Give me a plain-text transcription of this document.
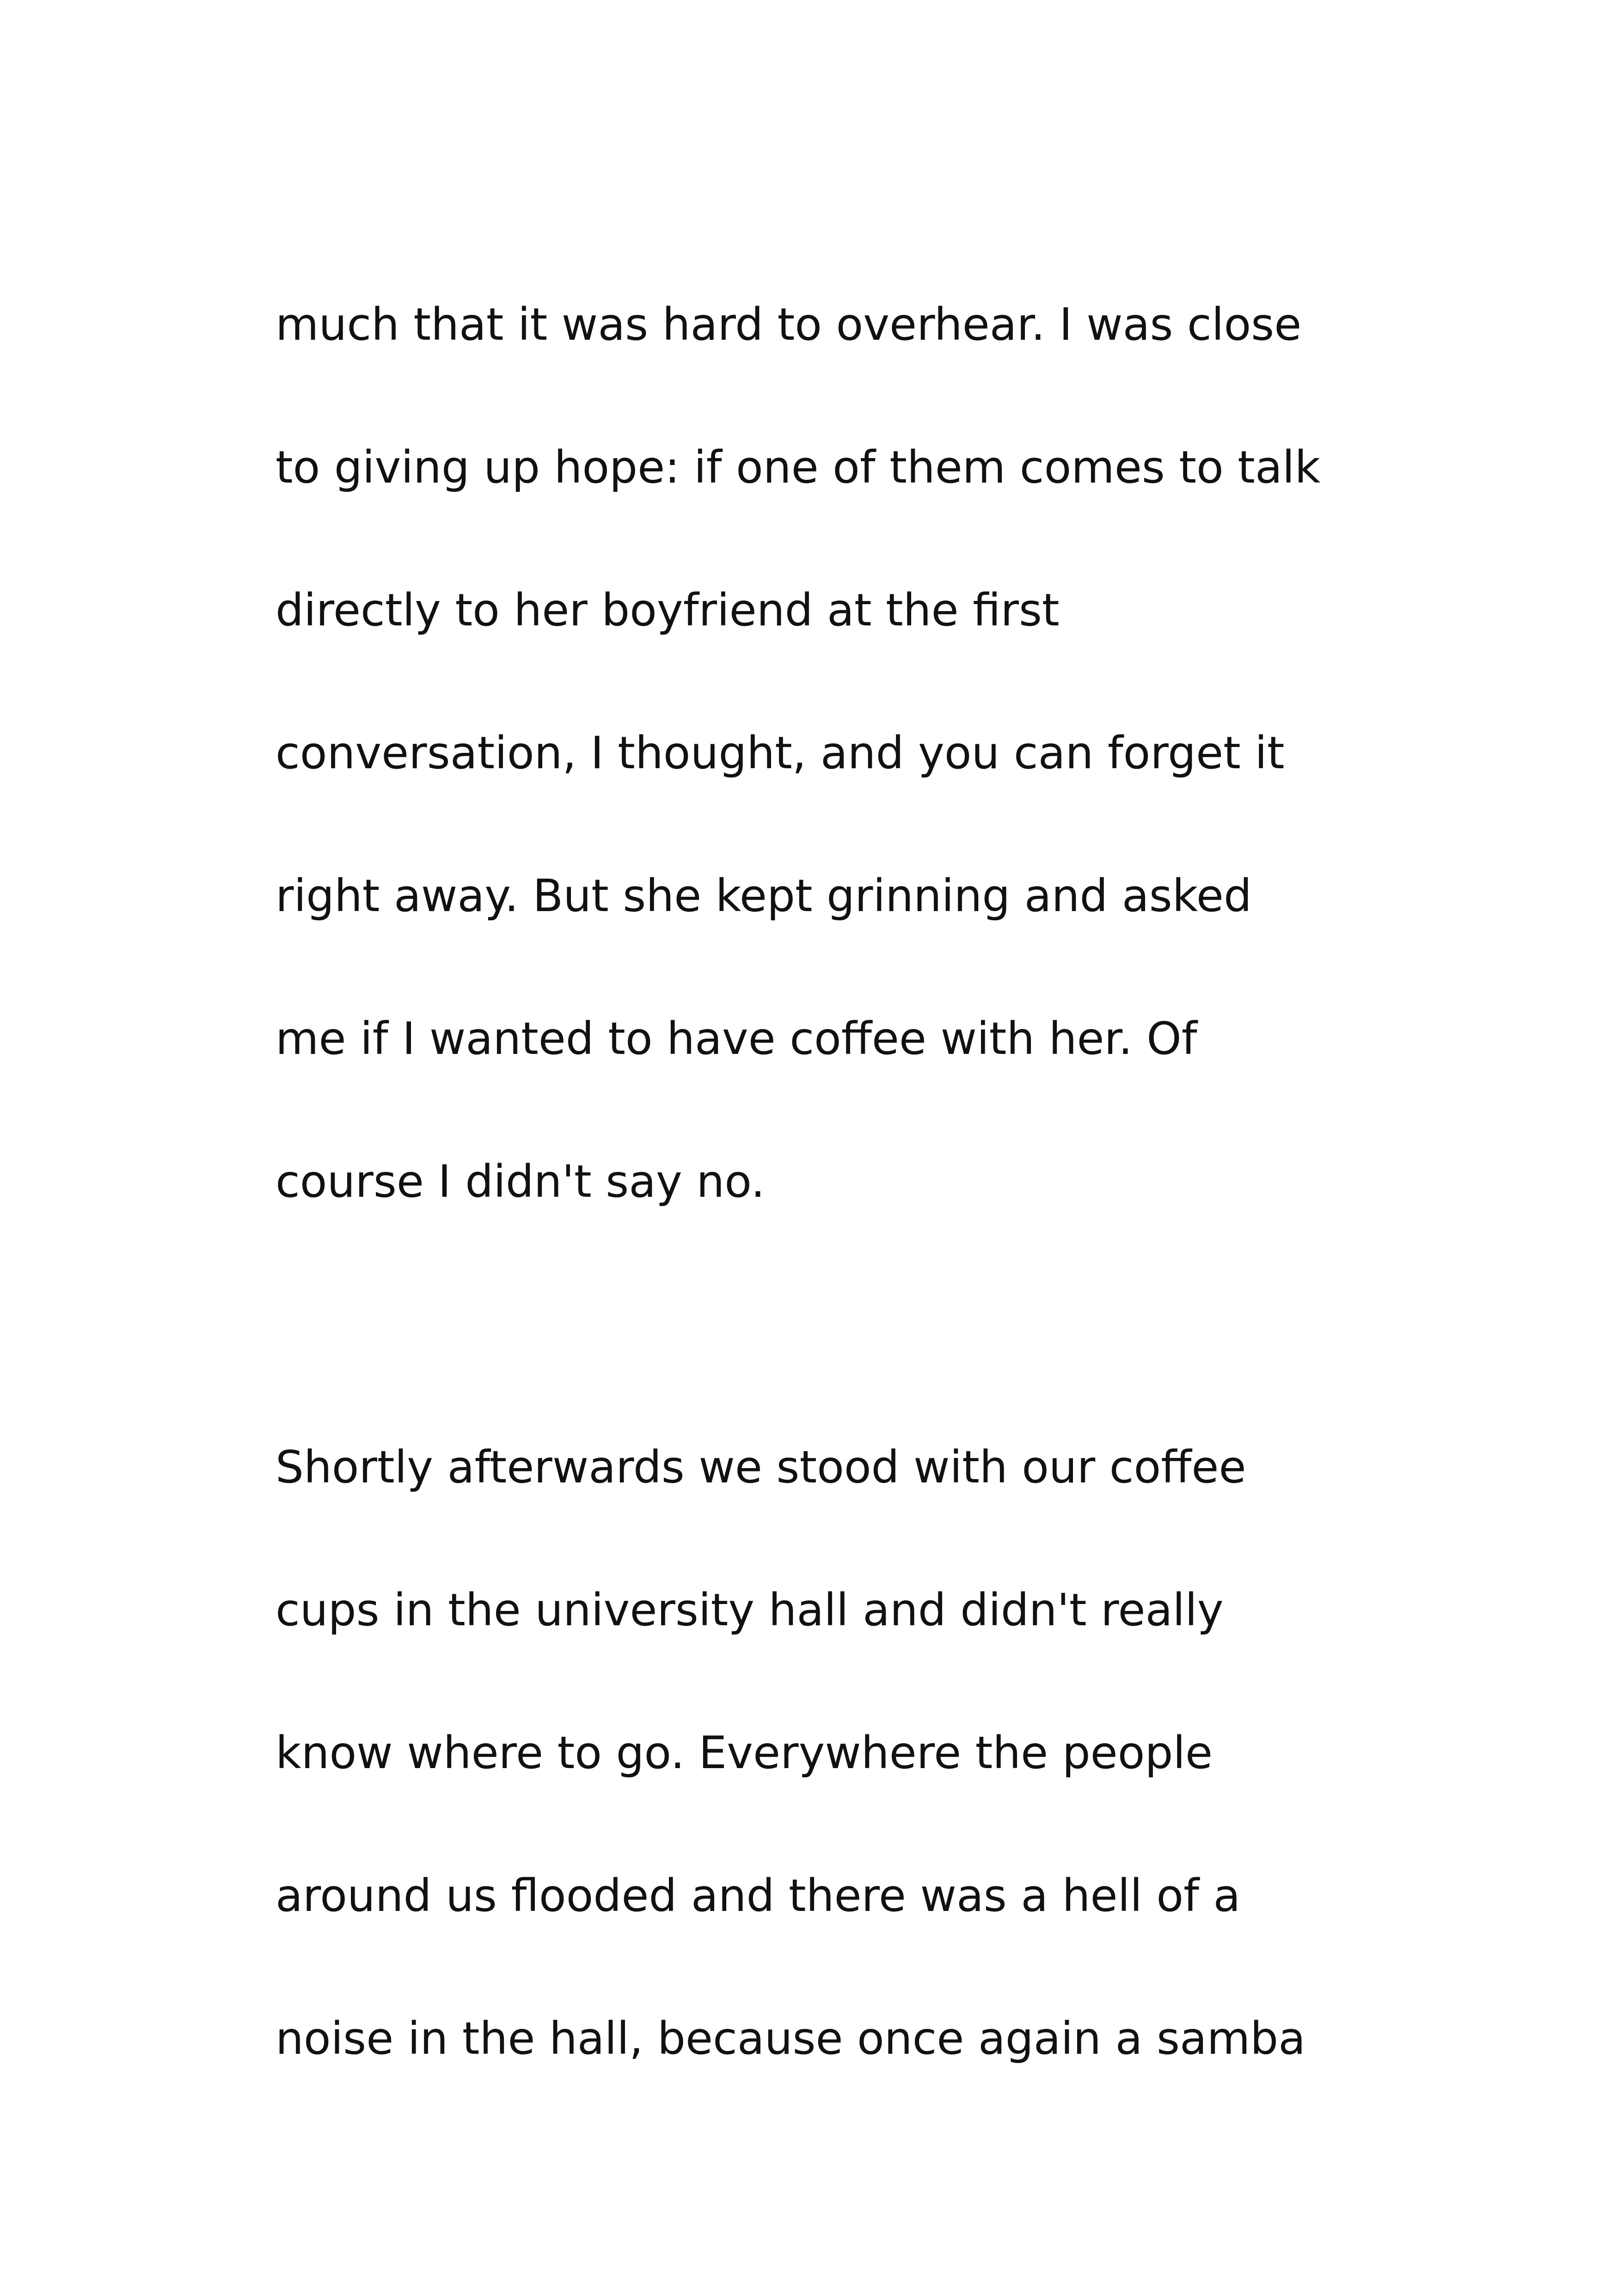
much that it was hard to overhear. I was close
to giving up hope: if one of them comes to talk
directly to her boyfriend at the first
conversation, I thought, and you can forget it
right away. But she kept grinning and asked
me if I wanted to have coffee with her. Of
course I didn't say no.

Shortly afterwards we stood with our coffee
cups in the university hall and didn't really
know where to go. Everywhere the people
around us flooded and there was a hell of a
noise in the hall, because once again a samba
